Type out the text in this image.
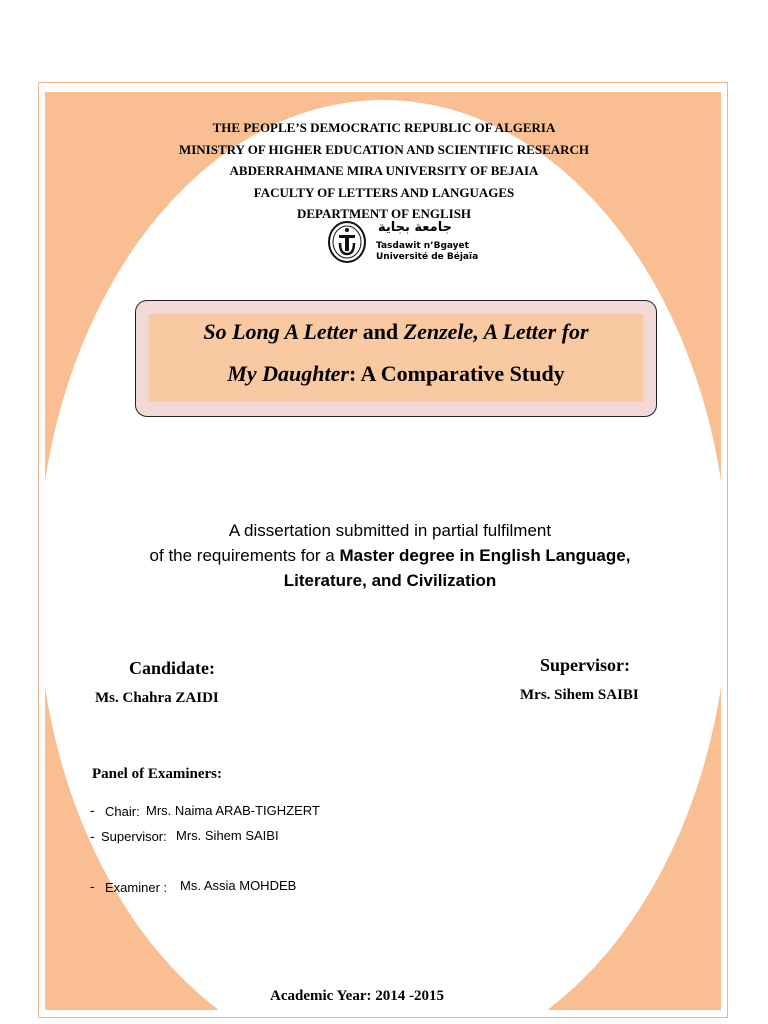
THE PEOPLE’S DEMOCRATIC REPUBLIC OF ALGERIA
MINISTRY OF HIGHER EDUCATION AND SCIENTIFIC RESEARCH
ABDERRAHMANE MIRA UNIVERSITY OF BEJAIA
FACULTY OF LETTERS AND LANGUAGES
DEPARTMENT OF ENGLISH
جامعة بجاية
Tasdawit n’Bgayet
Université de Béjaïa
So Long A Letter and Zenzele, A Letter for
My Daughter: A Comparative Study
A dissertation submitted in partial fulfilment
of the requirements for a Master degree in English Language,
Literature, and Civilization
Candidate:
Ms. Chahra ZAIDI
Supervisor:
Mrs. Sihem SAIBI
Panel of Examiners:
- Chair: Mrs. Naima ARAB-TIGHZERT
- Supervisor: Mrs. Sihem SAIBI
- Examiner : Ms. Assia MOHDEB
Academic Year: 2014 -2015
